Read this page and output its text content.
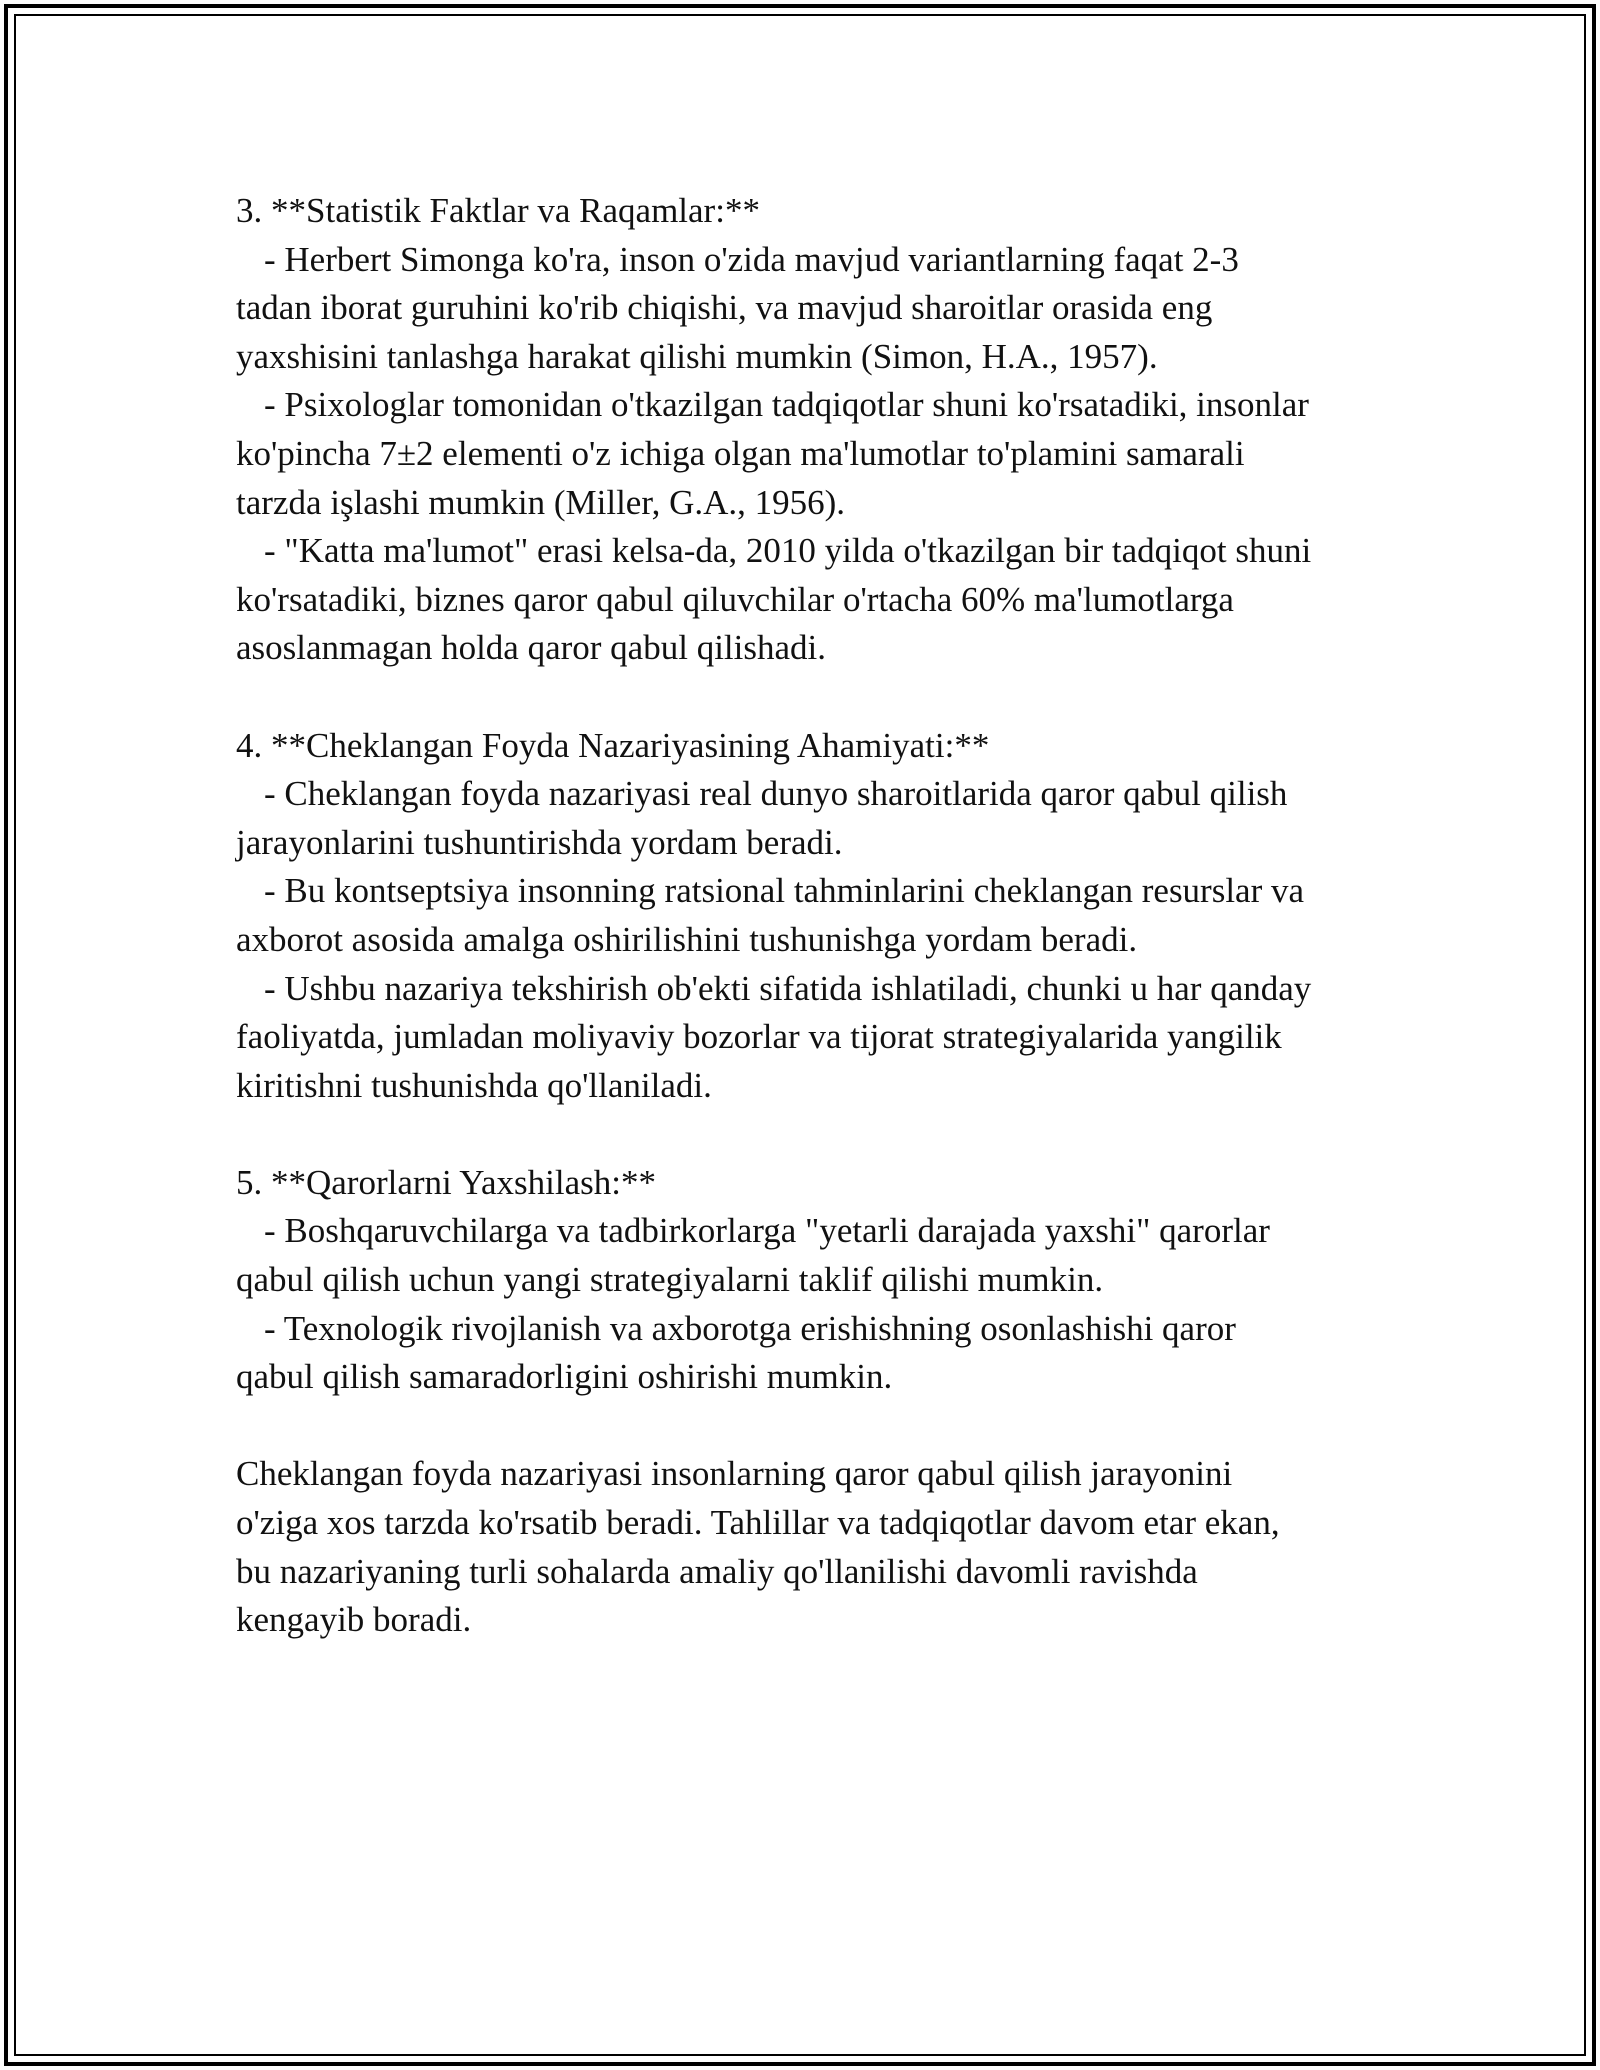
3. **Statistik Faktlar va Raqamlar:**
- Herbert Simonga ko'ra, inson o'zida mavjud variantlarning faqat 2-3
tadan iborat guruhini ko'rib chiqishi, va mavjud sharoitlar orasida eng
yaxshisini tanlashga harakat qilishi mumkin (Simon, H.A., 1957).
- Psixologlar tomonidan o'tkazilgan tadqiqotlar shuni ko'rsatadiki, insonlar
ko'pincha 7±2 elementi o'z ichiga olgan ma'lumotlar to'plamini samarali
tarzda işlashi mumkin (Miller, G.A., 1956).
- "Katta ma'lumot" erasi kelsa-da, 2010 yilda o'tkazilgan bir tadqiqot shuni
ko'rsatadiki, biznes qaror qabul qiluvchilar o'rtacha 60% ma'lumotlarga
asoslanmagan holda qaror qabul qilishadi.
4. **Cheklangan Foyda Nazariyasining Ahamiyati:**
- Cheklangan foyda nazariyasi real dunyo sharoitlarida qaror qabul qilish
jarayonlarini tushuntirishda yordam beradi.
- Bu kontseptsiya insonning ratsional tahminlarini cheklangan resurslar va
axborot asosida amalga oshirilishini tushunishga yordam beradi.
- Ushbu nazariya tekshirish ob'ekti sifatida ishlatiladi, chunki u har qanday
faoliyatda, jumladan moliyaviy bozorlar va tijorat strategiyalarida yangilik
kiritishni tushunishda qo'llaniladi.
5. **Qarorlarni Yaxshilash:**
- Boshqaruvchilarga va tadbirkorlarga "yetarli darajada yaxshi" qarorlar
qabul qilish uchun yangi strategiyalarni taklif qilishi mumkin.
- Texnologik rivojlanish va axborotga erishishning osonlashishi qaror
qabul qilish samaradorligini oshirishi mumkin.
Cheklangan foyda nazariyasi insonlarning qaror qabul qilish jarayonini
o'ziga xos tarzda ko'rsatib beradi. Tahlillar va tadqiqotlar davom etar ekan,
bu nazariyaning turli sohalarda amaliy qo'llanilishi davomli ravishda
kengayib boradi.
